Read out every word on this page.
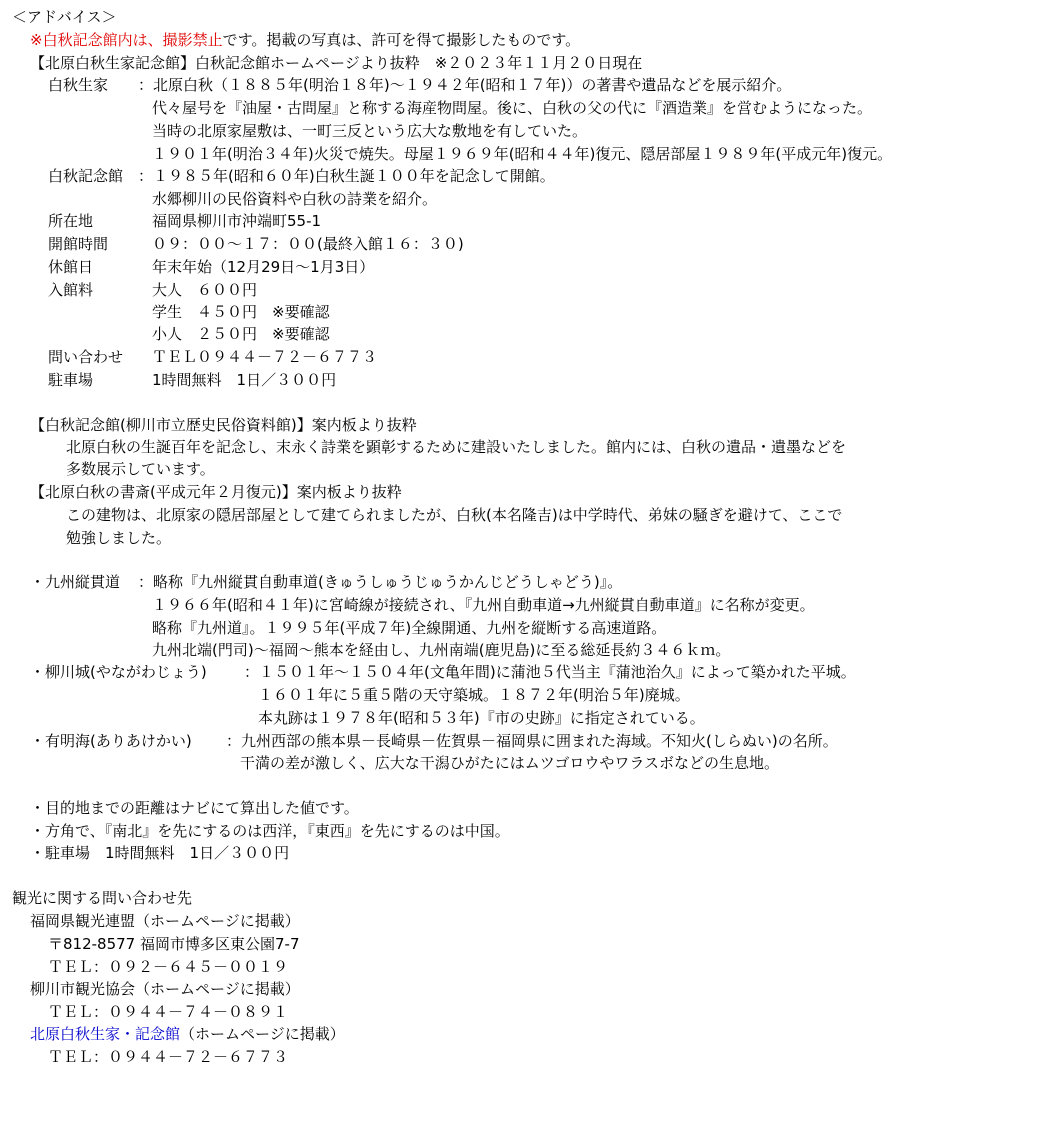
＜アドバイス＞
※白秋記念館内は、撮影禁止です。掲載の写真は、許可を得て撮影したものです。
【北原白秋生家記念館】白秋記念館ホームページより抜粋　※２０２３年１１月２０日現在
白秋生家 ：北原白秋（１８８５年(明治１８年)～１９４２年(昭和１７年)）の著書や遺品などを展示紹介。
代々屋号を『油屋・古問屋』と称する海産物問屋。後に、白秋の父の代に『酒造業』を営むようになった。
当時の北原家屋敷は、一町三反という広大な敷地を有していた。
１９０１年(明治３４年)火災で焼失。母屋１９６９年(昭和４４年)復元、隠居部屋１９８９年(平成元年)復元。
白秋記念館 ：１９８５年(昭和６０年)白秋生誕１００年を記念して開館。
水郷柳川の民俗資料や白秋の詩業を紹介。
所在地	福岡県柳川市沖端町55-1
開館時間	０９：００～１７：００(最終入館１６：３０)
休館日	年末年始（12月29日～1月3日）
入館料	大人　６００円
学生　４５０円　※要確認
小人　２５０円　※要確認
問い合わせ ＴＥＬ０９４４－７２－６７７３
駐車場	1時間無料　1日／３００円
【白秋記念館(柳川市立歴史民俗資料館)】案内板より抜粋
北原白秋の生誕百年を記念し、末永く詩業を顕彰するために建設いたしました。館内には、白秋の遺品・遺墨などを
多数展示しています。
【北原白秋の書斎(平成元年２月復元)】案内板より抜粋
この建物は、北原家の隠居部屋として建てられましたが、白秋(本名隆吉)は中学時代、弟妹の騒ぎを避けて、ここで
勉強しました。
・九州縦貫道 ：略称『九州縦貫自動車道(きゅうしゅうじゅうかんじどうしゃどう)』。
１９６６年(昭和４１年)に宮崎線が接続され、『九州自動車道→九州縦貫自動車道』に名称が変更。
略称『九州道』。１９９５年(平成７年)全線開通、九州を縦断する高速道路。
九州北端(門司)～福岡～熊本を経由し、九州南端(鹿児島)に至る総延長約３４６ｋｍ。
・柳川城(やながわじょう) ：１５０１年～１５０４年(文亀年間)に蒲池５代当主『蒲池治久』によって築かれた平城。
１６０１年に５重５階の天守築城。１８７２年(明治５年)廃城。
本丸跡は１９７８年(昭和５３年)『市の史跡』に指定されている。
・有明海(ありあけかい) ：九州西部の熊本県－長崎県－佐賀県－福岡県に囲まれた海域。不知火(しらぬい)の名所。
干満の差が激しく、広大な干潟ひがたにはムツゴロウやワラスボなどの生息地。
・目的地までの距離はナビにて算出した値です。
・方角で、『南北』を先にするのは西洋，『東西』を先にするのは中国。
・駐車場　1時間無料　1日／３００円
観光に関する問い合わせ先
福岡県観光連盟（ホームページに掲載）
〒812-8577 福岡市博多区東公園7-7
ＴＥＬ：０９２－６４５－００１９
柳川市観光協会（ホームページに掲載）
ＴＥＬ：０９４４－７４－０８９１
北原白秋生家・記念館（ホームページに掲載）
ＴＥＬ：０９４４－７２－６７７３
